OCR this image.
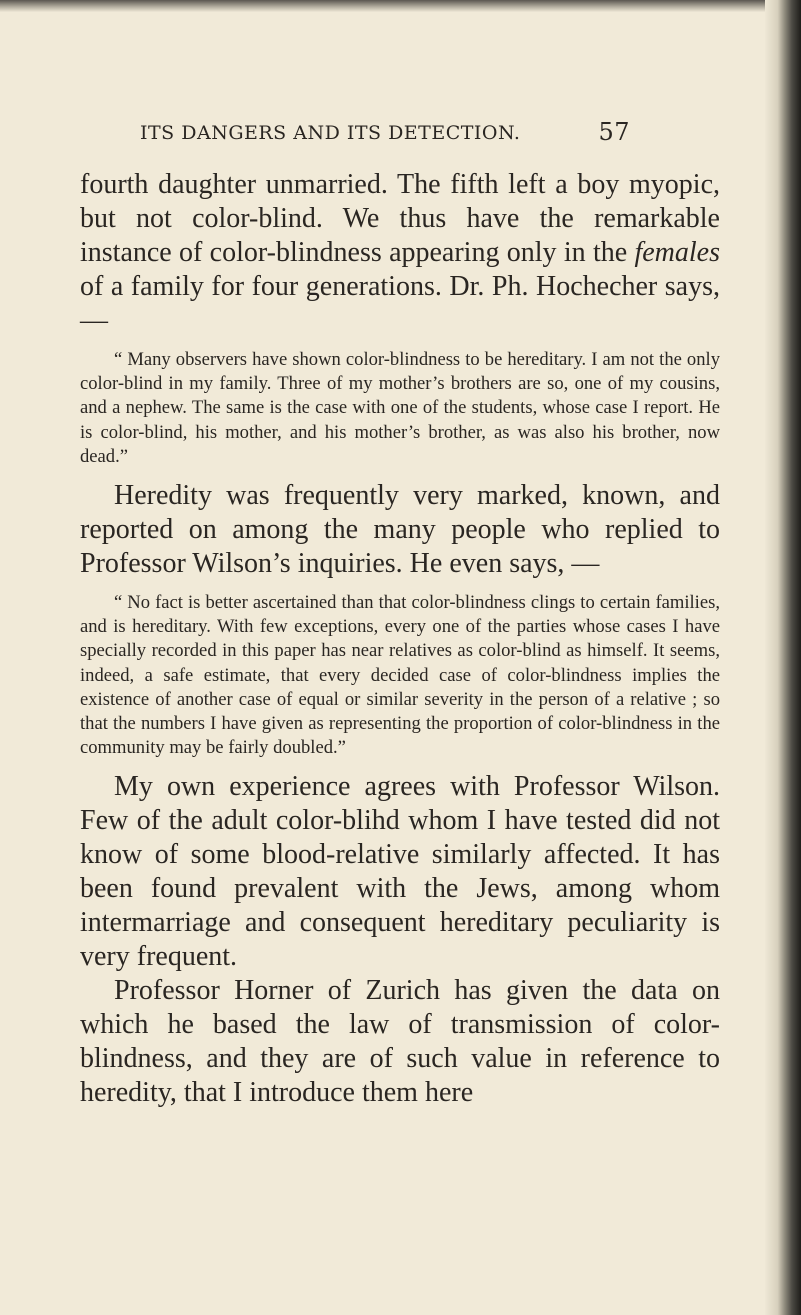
ITS DANGERS AND ITS DETECTION.	57

fourth daughter unmarried. The fifth left a boy myopic, but not color-blind. We thus have the remarkable instance of color-blindness appearing only in the females of a family for four generations. Dr. Ph. Hochecher says, —

“ Many observers have shown color-blindness to be hereditary. I am not the only color-blind in my family. Three of my mother’s brothers are so, one of my cousins, and a nephew. The same is the case with one of the students, whose case I report. He is color-blind, his mother, and his mother’s brother, as was also his brother, now dead.”

Heredity was frequently very marked, known, and reported on among the many people who replied to Professor Wilson’s inquiries. He even says, —

“ No fact is better ascertained than that color-blindness clings to certain families, and is hereditary. With few exceptions, every one of the parties whose cases I have specially recorded in this paper has near relatives as color-blind as himself. It seems, indeed, a safe estimate, that every decided case of color-blindness implies the existence of another case of equal or similar severity in the person of a relative ; so that the numbers I have given as representing the proportion of color-blindness in the community may be fairly doubled.”

My own experience agrees with Professor Wilson. Few of the adult color-blihd whom I have tested did not know of some blood-relative similarly affected. It has been found prevalent with the Jews, among whom intermarriage and consequent hereditary peculiarity is very frequent.

Professor Horner of Zurich has given the data on which he based the law of transmission of color-blindness, and they are of such value in reference to heredity, that I introduce them here
